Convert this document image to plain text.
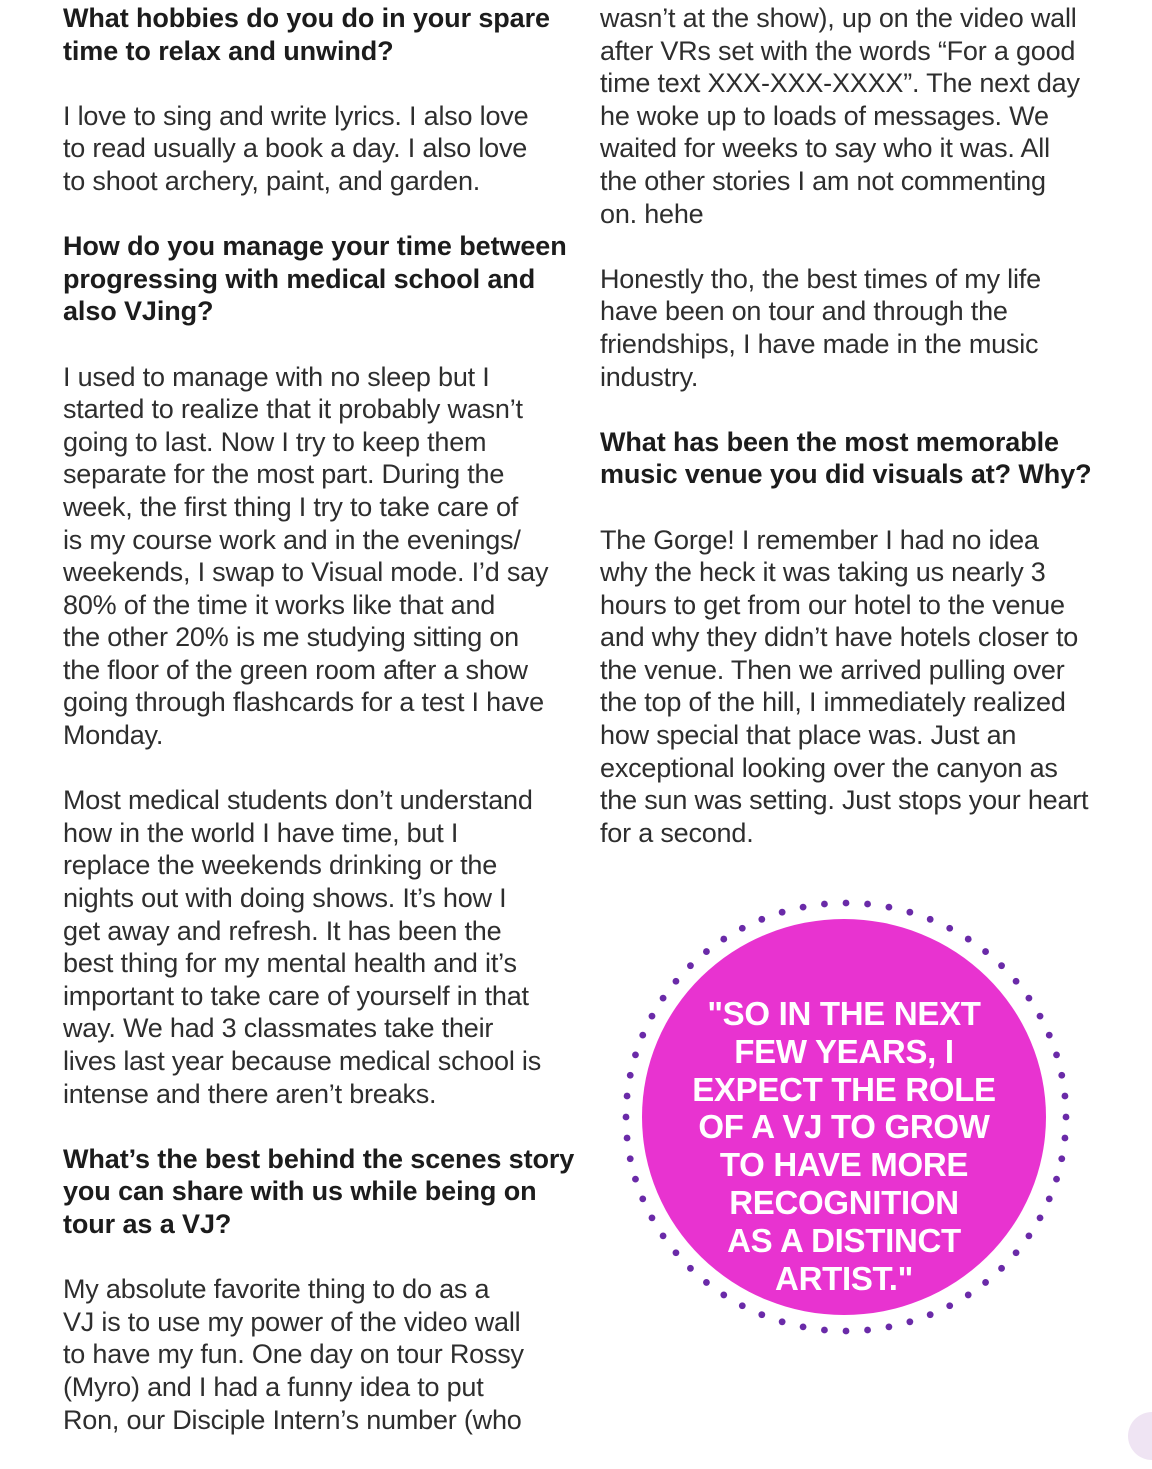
What hobbies do you do in your spare
time to relax and unwind?

I love to sing and write lyrics. I also love
to read usually a book a day. I also love
to shoot archery, paint, and garden.

How do you manage your time between
progressing with medical school and
also VJing?

I used to manage with no sleep but I
started to realize that it probably wasn’t
going to last. Now I try to keep them
separate for the most part. During the
week, the first thing I try to take care of
is my course work and in the evenings/
weekends, I swap to Visual mode. I’d say
80% of the time it works like that and
the other 20% is me studying sitting on
the floor of the green room after a show
going through flashcards for a test I have
Monday.

Most medical students don’t understand
how in the world I have time, but I
replace the weekends drinking or the
nights out with doing shows. It’s how I
get away and refresh. It has been the
best thing for my mental health and it’s
important to take care of yourself in that
way. We had 3 classmates take their
lives last year because medical school is
intense and there aren’t breaks.

What’s the best behind the scenes story
you can share with us while being on
tour as a VJ?

My absolute favorite thing to do as a
VJ is to use my power of the video wall
to have my fun. One day on tour Rossy
(Myro) and I had a funny idea to put
Ron, our Disciple Intern’s number (who

wasn’t at the show), up on the video wall
after VRs set with the words “For a good
time text XXX-XXX-XXXX”. The next day
he woke up to loads of messages. We
waited for weeks to say who it was. All
the other stories I am not commenting
on. hehe

Honestly tho, the best times of my life
have been on tour and through the
friendships, I have made in the music
industry.

What has been the most memorable
music venue you did visuals at? Why?

The Gorge! I remember I had no idea
why the heck it was taking us nearly 3
hours to get from our hotel to the venue
and why they didn’t have hotels closer to
the venue. Then we arrived pulling over
the top of the hill, I immediately realized
how special that place was. Just an
exceptional looking over the canyon as
the sun was setting. Just stops your heart
for a second.

"SO IN THE NEXT
FEW YEARS, I
EXPECT THE ROLE
OF A VJ TO GROW
TO HAVE MORE
RECOGNITION
AS A DISTINCT
ARTIST."
